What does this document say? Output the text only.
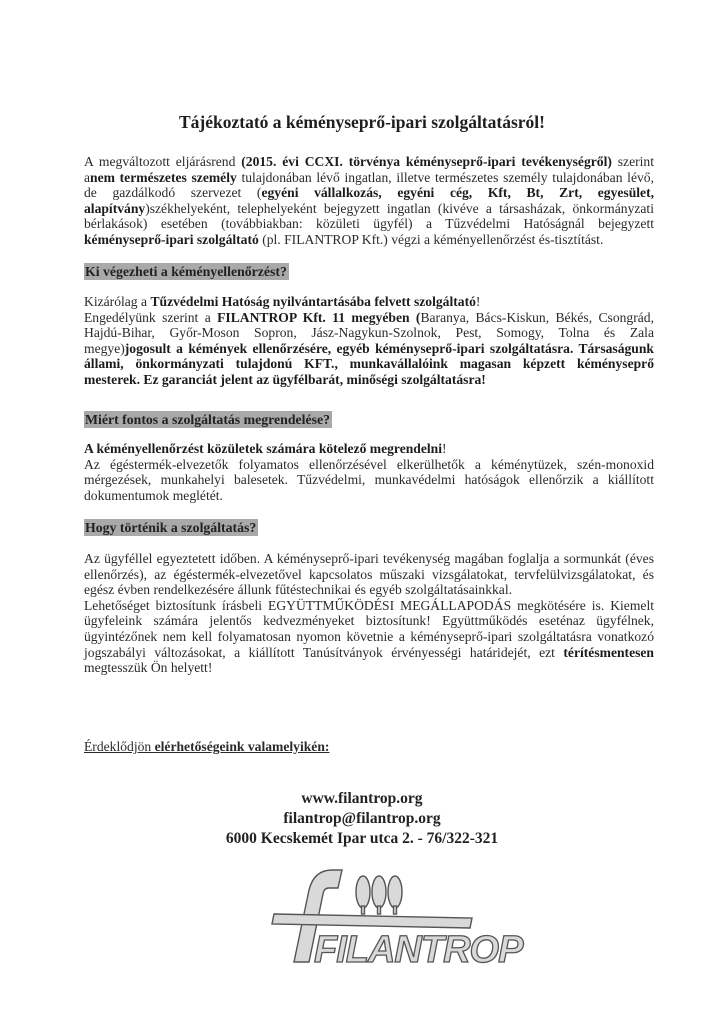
Tájékoztató a kéményseprő-ipari szolgáltatásról!
A megváltozott eljárásrend (2015. évi CCXI. törvénya kéményseprő-ipari tevékenységről) szerint anem természetes személy tulajdonában lévő ingatlan, illetve természetes személy tulajdonában lévő, de gazdálkodó szervezet (egyéni vállalkozás, egyéni cég, Kft, Bt, Zrt, egyesület, alapítvány)székhelyeként, telephelyeként bejegyzett ingatlan (kivéve a társasházak, önkormányzati bérlakások) esetében (továbbiakban: közületi ügyfél) a Tűzvédelmi Hatóságnál bejegyzett kéményseprő-ipari szolgáltató (pl. FILANTROP Kft.) végzi a kéményellenőrzést és-tisztítást.
Ki végezheti a kéményellenőrzést?
Kizárólag a Tűzvédelmi Hatóság nyilvántartásába felvett szolgáltató!
Engedélyünk szerint a FILANTROP Kft. 11 megyében (Baranya, Bács-Kiskun, Békés, Csongrád, Hajdú-Bihar, Győr-Moson Sopron, Jász-Nagykun-Szolnok, Pest, Somogy, Tolna és Zala megye)jogosult a kémények ellenőrzésére, egyéb kéményseprő-ipari szolgáltatásra. Társaságunk állami, önkormányzati tulajdonú KFT., munkavállalóink magasan képzett kéményseprő mesterek. Ez garanciát jelent az ügyfélbarát, minőségi szolgáltatásra!
Miért fontos a szolgáltatás megrendelése?
A kéményellenőrzést közületek számára kötelező megrendelni!
Az égéstermék-elvezetők folyamatos ellenőrzésével elkerülhetők a kéménytüzek, szén-monoxid mérgezések, munkahelyi balesetek. Tűzvédelmi, munkavédelmi hatóságok ellenőrzik a kiállított dokumentumok meglétét.
Hogy történik a szolgáltatás?
Az ügyféllel egyeztetett időben. A kéményseprő-ipari tevékenység magában foglalja a sormunkát (éves ellenőrzés), az égéstermék-elvezetővel kapcsolatos műszaki vizsgálatokat, tervfelülvizsgálatokat, és egész évben rendelkezésére állunk fűtéstechnikai és egyéb szolgáltatásainkkal.
Lehetőséget biztosítunk írásbeli EGYÜTTMŰKÖDÉSI MEGÁLLAPODÁS megkötésére is. Kiemelt ügyfeleink számára jelentős kedvezményeket biztosítunk! Együttműködés eseténaz ügyfélnek, ügyintézőnek nem kell folyamatosan nyomon követnie a kéményseprő-ipari szolgáltatásra vonatkozó jogszabályi változásokat, a kiállított Tanúsítványok érvényességi határidejét, ezt térítésmentesen megtesszük Ön helyett!
Érdeklődjön elérhetőségeink valamelyikén:
www.filantrop.org
filantrop@filantrop.org
6000 Kecskemét Ipar utca 2. - 76/322-321
FILANTROP
